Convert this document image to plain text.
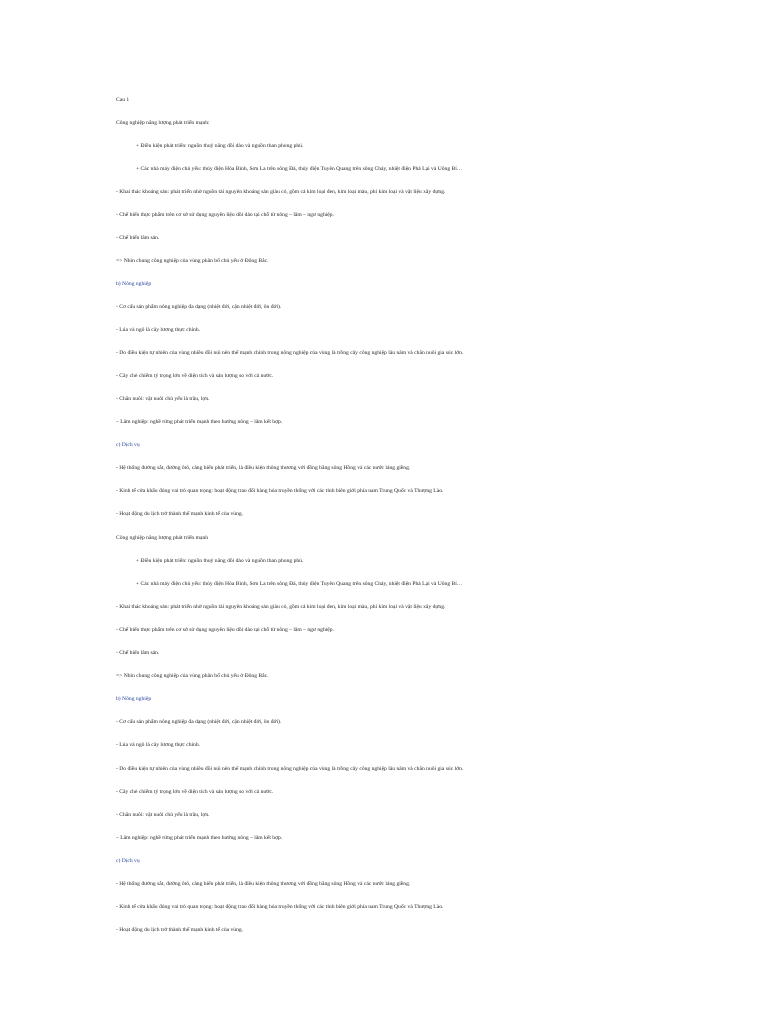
Cau 1
Công nghiệp năng lượng phát triển mạnh:
+ Điều kiện phát triển: nguồn thuỷ năng dồi dào và nguồn than phong phú.
+ Các nhà máy điện chủ yếu: thủy điện Hòa Bình, Sơn La trên sông Đà, thủy điện Tuyên Quang trên sông Chảy, nhiệt điện Phả Lại và Uông Bí…
- Khai thác khoáng sản: phát triển nhờ nguồn tài nguyên khoáng sản giàu có, gồm cả kim loại đen, kim loại màu, phi kim loại và vật liệu xây dựng.
- Chế biến thực phẩm trên cơ sở sử dụng nguyên liệu dồi dào tại chỗ từ nông – lâm – ngư nghiệp.
- Chế biến lâm sản.
=> Nhìn chung công nghiệp của vùng phân bố chủ yếu ở Đông Bắc.
b) Nông nghiệp
- Cơ cấu sản phẩm nông nghiệp đa dạng (nhiệt đới, cận nhiệt đới, ôn đới).
- Lúa và ngô là cây lương thực chính.
- Do điều kiện tự nhiên của vùng nhiều đồi núi nên thế mạnh chính trong nông nghiệp của vùng là trồng cây công nghiệp lâu năm và chăn nuôi gia súc lớn.
- Cây chè chiếm tỷ trọng lớn về diện tích và sản lượng so với cả nước.
- Chăn nuôi: vật nuôi chủ yếu là trâu, lợn.
– Lâm nghiệp: nghề rừng phát triển mạnh theo hướng nông – lâm kết hợp.
c) Dịch vụ
- Hệ thống đường sắt, đường ôtô, cảng biển phát triển, là điều kiện thông thương với đồng bằng sông Hồng và các nước láng giềng.
- Kinh tế cửa khẩu đóng vai trò quan trọng: hoạt động trao đổi hàng hóa truyền thống với các tỉnh biên giới phía nam Trung Quốc và Thượng Lào.
- Hoạt động du lịch trở thành thế mạnh kinh tế của vùng.
Công nghiệp năng lượng phát triển mạnh
+ Điều kiện phát triển: nguồn thuỷ năng dồi dào và nguồn than phong phú.
+ Các nhà máy điện chủ yếu: thủy điện Hòa Bình, Sơn La trên sông Đà, thủy điện Tuyên Quang trên sông Chảy, nhiệt điện Phả Lại và Uông Bí…
- Khai thác khoáng sản: phát triển nhờ nguồn tài nguyên khoáng sản giàu có, gồm cả kim loại đen, kim loại màu, phi kim loại và vật liệu xây dựng.
- Chế biến thực phẩm trên cơ sở sử dụng nguyên liệu dồi dào tại chỗ từ nông – lâm – ngư nghiệp.
- Chế biến lâm sản.
=> Nhìn chung công nghiệp của vùng phân bố chủ yếu ở Đông Bắc.
b) Nông nghiệp
- Cơ cấu sản phẩm nông nghiệp đa dạng (nhiệt đới, cận nhiệt đới, ôn đới).
- Lúa và ngô là cây lương thực chính.
- Do điều kiện tự nhiên của vùng nhiều đồi núi nên thế mạnh chính trong nông nghiệp của vùng là trồng cây công nghiệp lâu năm và chăn nuôi gia súc lớn.
- Cây chè chiếm tỷ trọng lớn về diện tích và sản lượng so với cả nước.
- Chăn nuôi: vật nuôi chủ yếu là trâu, lợn.
– Lâm nghiệp: nghề rừng phát triển mạnh theo hướng nông – lâm kết hợp.
c) Dịch vụ
- Hệ thống đường sắt, đường ôtô, cảng biển phát triển, là điều kiện thông thương với đồng bằng sông Hồng và các nước láng giềng.
- Kinh tế cửa khẩu đóng vai trò quan trọng: hoạt động trao đổi hàng hóa truyền thống với các tỉnh biên giới phía nam Trung Quốc và Thượng Lào.
- Hoạt động du lịch trở thành thế mạnh kinh tế của vùng.
